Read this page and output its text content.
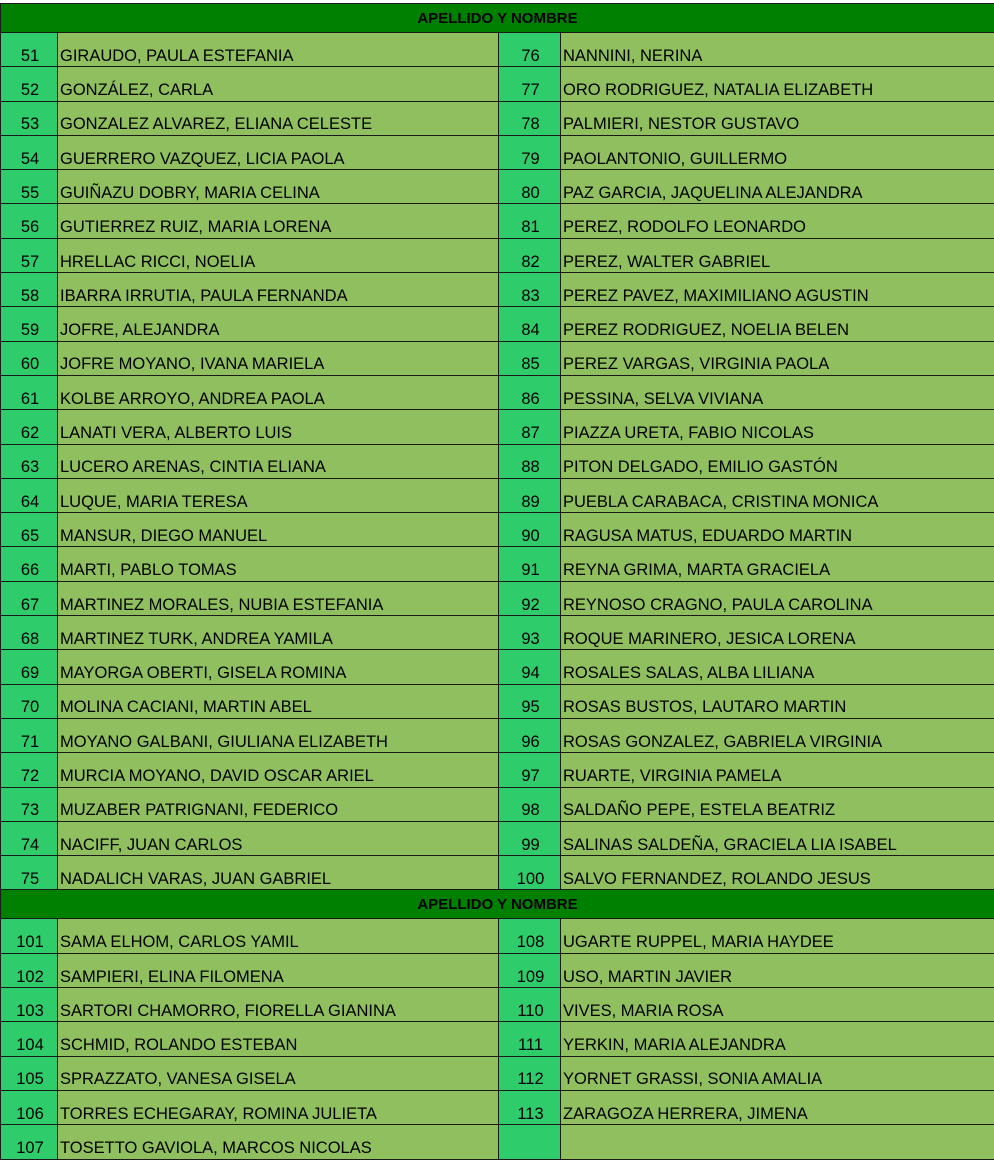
APELLIDO Y NOMBRE			
51	GIRAUDO, PAULA ESTEFANIA	76	NANNINI, NERINA
52	GONZÁLEZ, CARLA	77	ORO RODRIGUEZ, NATALIA ELIZABETH
53	GONZALEZ ALVAREZ, ELIANA CELESTE	78	PALMIERI, NESTOR GUSTAVO
54	GUERRERO VAZQUEZ, LICIA PAOLA	79	PAOLANTONIO, GUILLERMO
55	GUIÑAZU DOBRY, MARIA CELINA	80	PAZ GARCIA, JAQUELINA ALEJANDRA
56	GUTIERREZ RUIZ, MARIA LORENA	81	PEREZ, RODOLFO LEONARDO
57	HRELLAC RICCI, NOELIA	82	PEREZ, WALTER GABRIEL
58	IBARRA IRRUTIA, PAULA FERNANDA	83	PEREZ PAVEZ, MAXIMILIANO AGUSTIN
59	JOFRE, ALEJANDRA	84	PEREZ RODRIGUEZ, NOELIA BELEN
60	JOFRE MOYANO, IVANA MARIELA	85	PEREZ VARGAS, VIRGINIA PAOLA
61	KOLBE ARROYO, ANDREA PAOLA	86	PESSINA, SELVA VIVIANA
62	LANATI VERA, ALBERTO LUIS	87	PIAZZA URETA, FABIO NICOLAS
63	LUCERO ARENAS, CINTIA ELIANA	88	PITON DELGADO, EMILIO GASTÓN
64	LUQUE, MARIA TERESA	89	PUEBLA CARABACA, CRISTINA MONICA
65	MANSUR, DIEGO MANUEL	90	RAGUSA MATUS, EDUARDO MARTIN
66	MARTI, PABLO TOMAS	91	REYNA GRIMA, MARTA GRACIELA
67	MARTINEZ MORALES, NUBIA ESTEFANIA	92	REYNOSO CRAGNO, PAULA CAROLINA
68	MARTINEZ TURK, ANDREA YAMILA	93	ROQUE MARINERO, JESICA LORENA
69	MAYORGA OBERTI, GISELA ROMINA	94	ROSALES SALAS, ALBA LILIANA
70	MOLINA CACIANI, MARTIN ABEL	95	ROSAS BUSTOS, LAUTARO MARTIN
71	MOYANO GALBANI, GIULIANA ELIZABETH	96	ROSAS GONZALEZ, GABRIELA VIRGINIA
72	MURCIA MOYANO, DAVID OSCAR ARIEL	97	RUARTE, VIRGINIA PAMELA
73	MUZABER PATRIGNANI, FEDERICO	98	SALDAÑO PEPE, ESTELA BEATRIZ
74	NACIFF, JUAN CARLOS	99	SALINAS SALDEÑA, GRACIELA LIA ISABEL
75	NADALICH VARAS, JUAN GABRIEL	100	SALVO FERNANDEZ, ROLANDO JESUS
APELLIDO Y NOMBRE			
101	SAMA ELHOM, CARLOS YAMIL	108	UGARTE RUPPEL, MARIA HAYDEE
102	SAMPIERI, ELINA FILOMENA	109	USO, MARTIN JAVIER
103	SARTORI CHAMORRO, FIORELLA GIANINA	110	VIVES, MARIA ROSA
104	SCHMID, ROLANDO ESTEBAN	111	YERKIN, MARIA ALEJANDRA
105	SPRAZZATO, VANESA GISELA	112	YORNET GRASSI, SONIA AMALIA
106	TORRES ECHEGARAY, ROMINA JULIETA	113	ZARAGOZA HERRERA, JIMENA
107	TOSETTO GAVIOLA, MARCOS NICOLAS		
